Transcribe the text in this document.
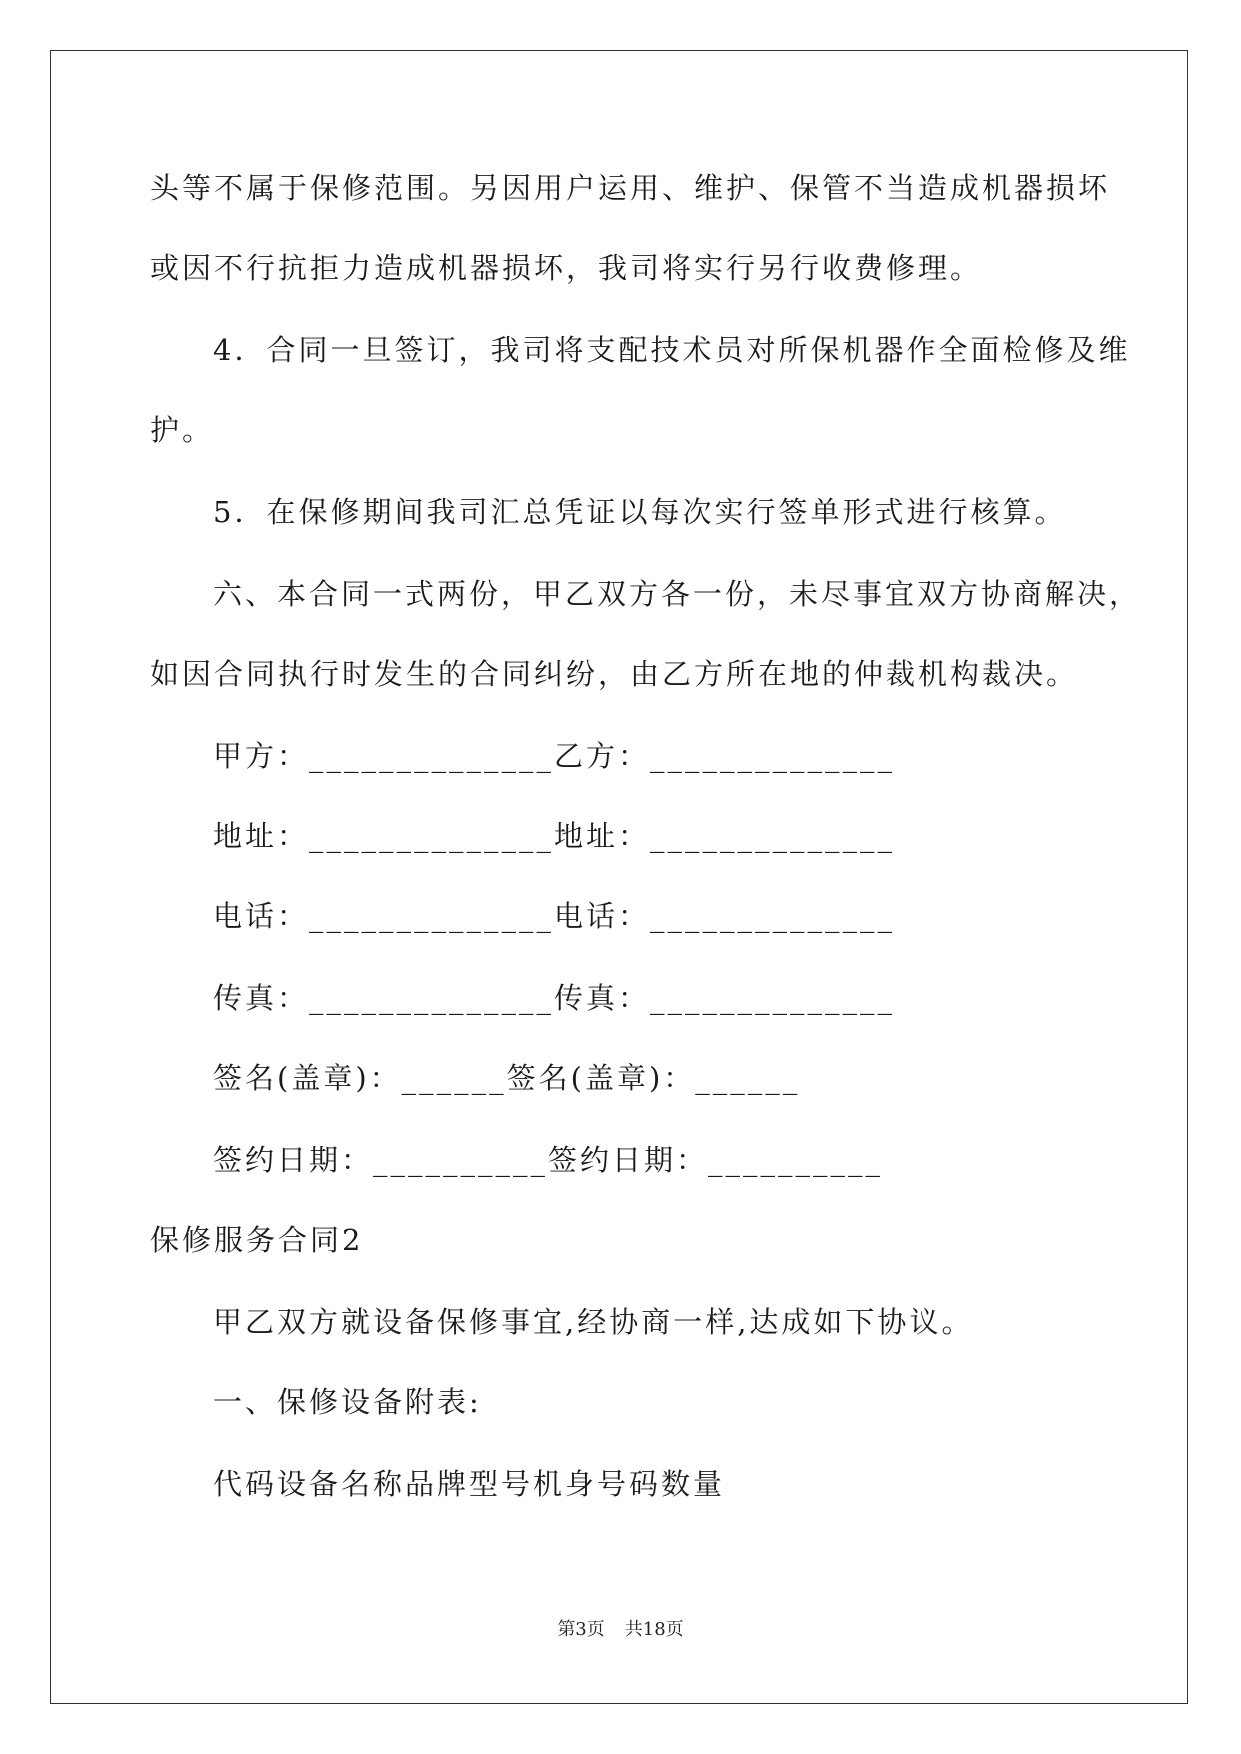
头等不属于保修范围。另因用户运用、维护、保管不当造成机器损坏
或因不行抗拒力造成机器损坏，我司将实行另行收费修理。
4．合同一旦签订，我司将支配技术员对所保机器作全面检修及维
护。
5．在保修期间我司汇总凭证以每次实行签单形式进行核算。
六、本合同一式两份，甲乙双方各一份，未尽事宜双方协商解决，
如因合同执行时发生的合同纠纷，由乙方所在地的仲裁机构裁决。
甲方：______________乙方：______________
地址：______________地址：______________
电话：______________电话：______________
传真：______________传真：______________
签名(盖章)：______签名(盖章)：______
签约日期：__________签约日期：__________
保修服务合同2
甲乙双方就设备保修事宜,经协商一样,达成如下协议。
一、保修设备附表:
代码设备名称品牌型号机身号码数量
第3页 共18页
